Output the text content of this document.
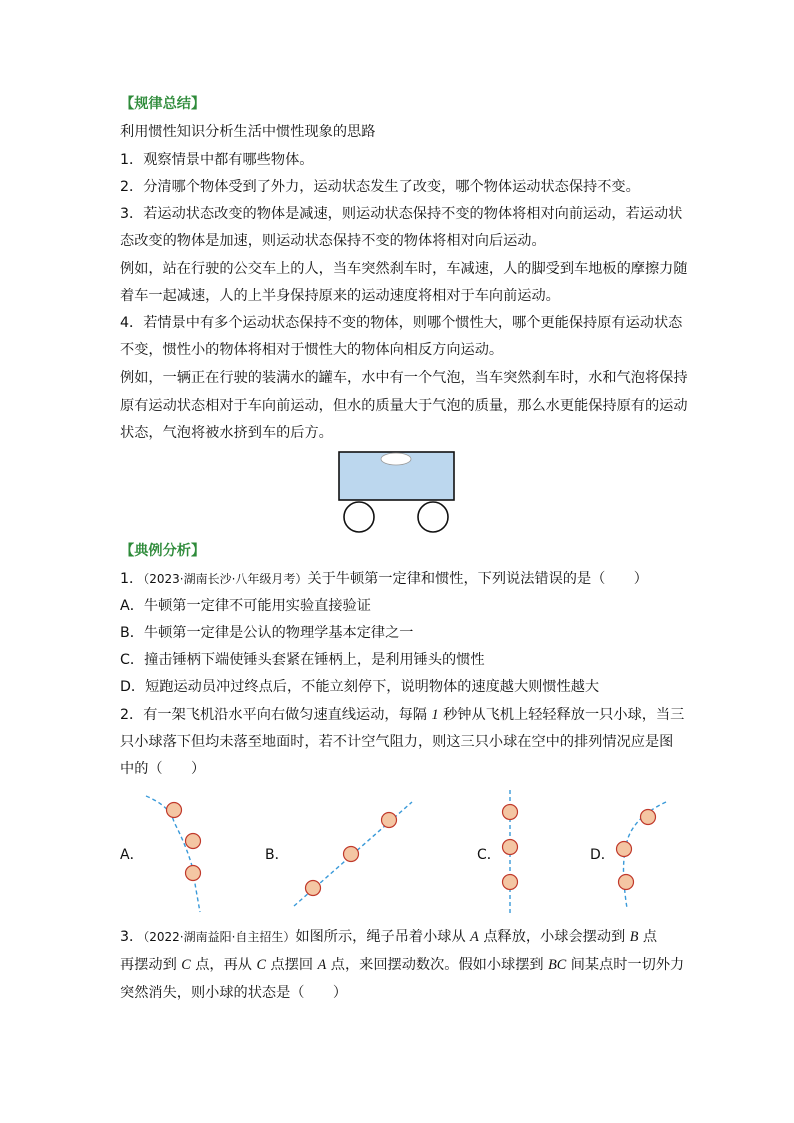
【规律总结】
利用惯性知识分析生活中惯性现象的思路
1．观察情景中都有哪些物体。
2．分清哪个物体受到了外力，运动状态发生了改变，哪个物体运动状态保持不变。
3．若运动状态改变的物体是减速，则运动状态保持不变的物体将相对向前运动，若运动状
态改变的物体是加速，则运动状态保持不变的物体将相对向后运动。
例如，站在行驶的公交车上的人，当车突然刹车时，车减速，人的脚受到车地板的摩擦力随
着车一起减速，人的上半身保持原来的运动速度将相对于车向前运动。
4．若情景中有多个运动状态保持不变的物体，则哪个惯性大，哪个更能保持原有运动状态
不变，惯性小的物体将相对于惯性大的物体向相反方向运动。
例如，一辆正在行驶的装满水的罐车，水中有一个气泡，当车突然刹车时，水和气泡将保持
原有运动状态相对于车向前运动，但水的质量大于气泡的质量，那么水更能保持原有的运动
状态，气泡将被水挤到车的后方。
【典例分析】
1．（2023·湖南长沙·八年级月考）关于牛顿第一定律和惯性，下列说法错误的是（　　）
A．牛顿第一定律不可能用实验直接验证
B．牛顿第一定律是公认的物理学基本定律之一
C．撞击锤柄下端使锤头套紧在锤柄上，是利用锤头的惯性
D．短跑运动员冲过终点后，不能立刻停下，说明物体的速度越大则惯性越大
2．有一架飞机沿水平向右做匀速直线运动，每隔 1 秒钟从飞机上轻轻释放一只小球，当三
只小球落下但均未落至地面时，若不计空气阻力，则这三只小球在空中的排列情况应是图
中的（　　）
A．	B．	C．	D．
3．（2022·湖南益阳·自主招生）如图所示，绳子吊着小球从 A 点释放，小球会摆动到 B 点
再摆动到 C 点，再从 C 点摆回 A 点，来回摆动数次。假如小球摆到 BC 间某点时一切外力
突然消失，则小球的状态是（　　）
